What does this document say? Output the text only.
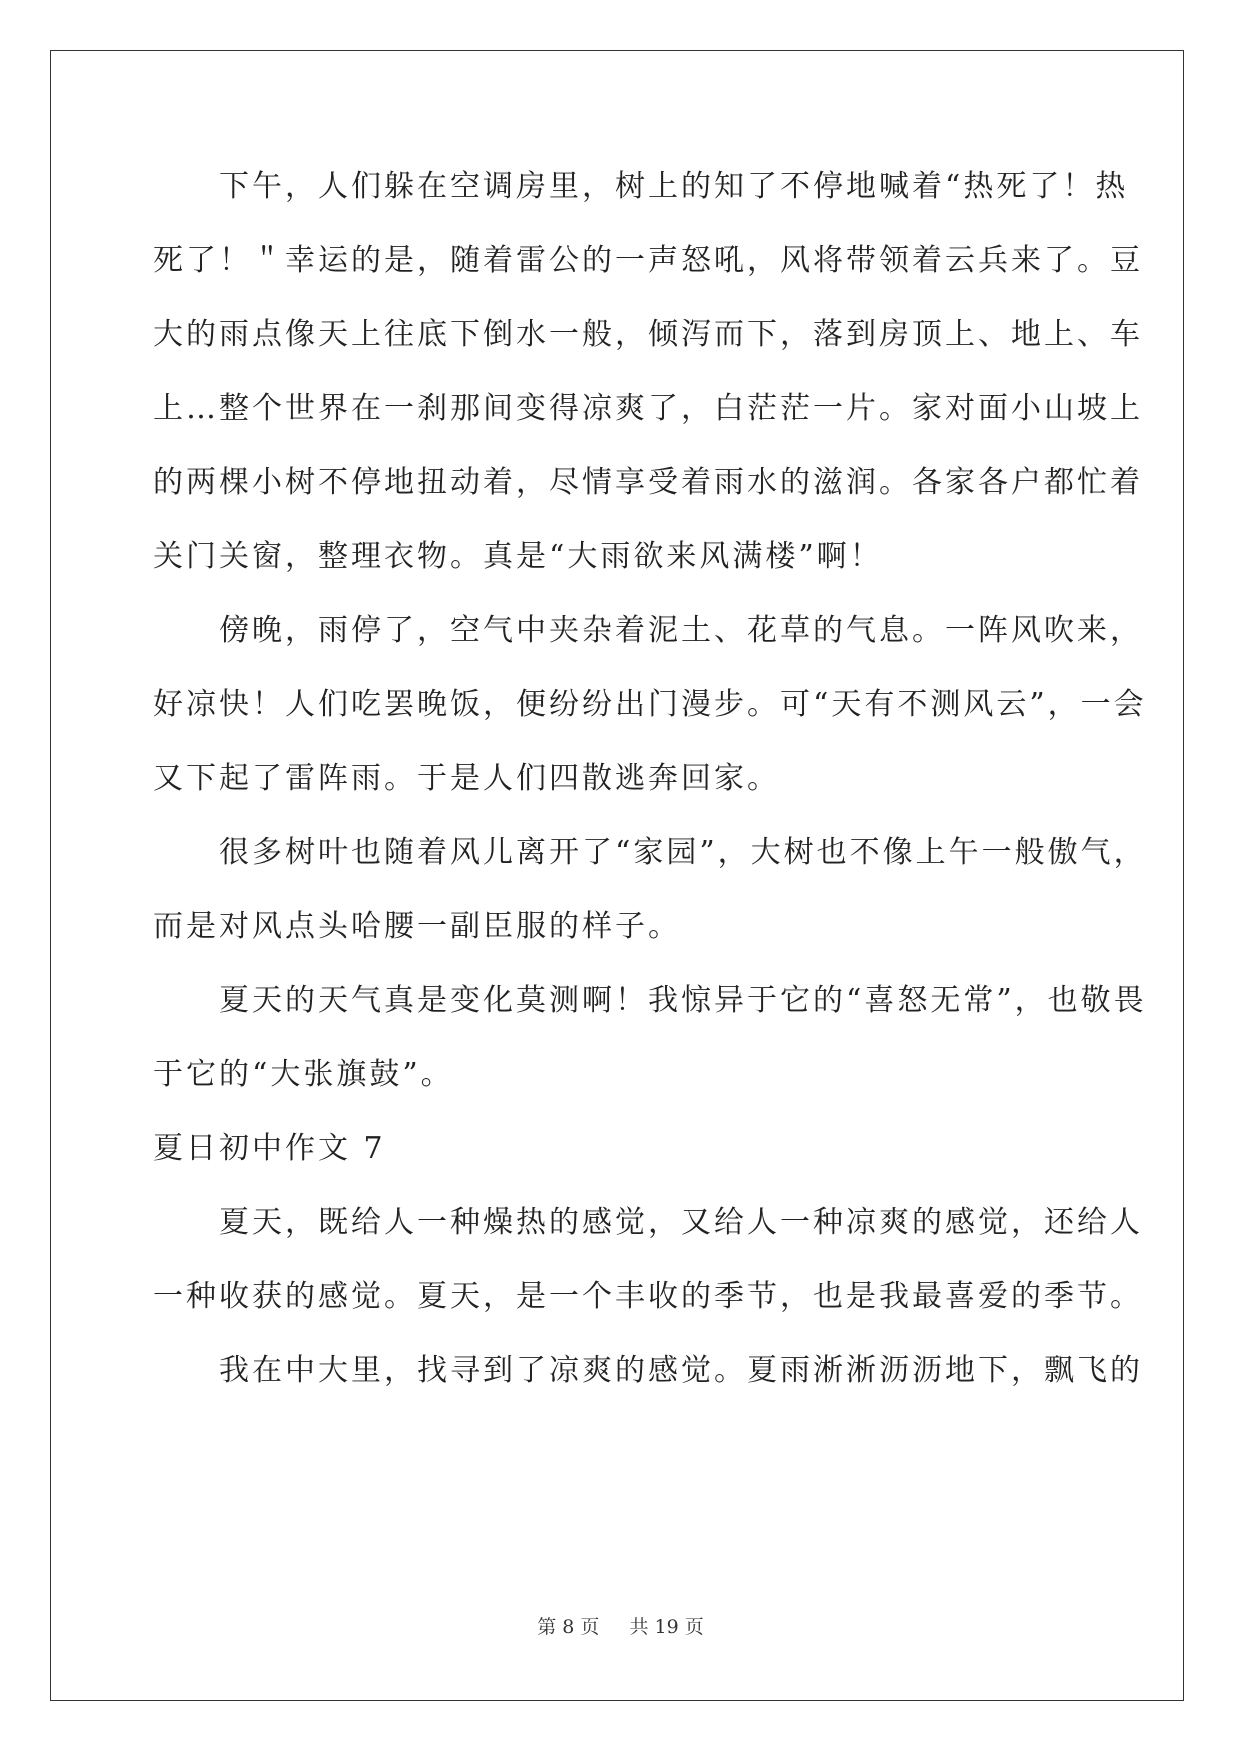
　　下午，人们躲在空调房里，树上的知了不停地喊着“热死了！热
死了！＂幸运的是，随着雷公的一声怒吼，风将带领着云兵来了。豆
大的雨点像天上往底下倒水一般，倾泻而下，落到房顶上、地上、车
上…整个世界在一刹那间变得凉爽了，白茫茫一片。家对面小山坡上
的两棵小树不停地扭动着，尽情享受着雨水的滋润。各家各户都忙着
关门关窗，整理衣物。真是“大雨欲来风满楼”啊！
　　傍晚，雨停了，空气中夹杂着泥土、花草的气息。一阵风吹来，
好凉快！人们吃罢晚饭，便纷纷出门漫步。可“天有不测风云”，一会
又下起了雷阵雨。于是人们四散逃奔回家。
　　很多树叶也随着风儿离开了“家园”，大树也不像上午一般傲气，
而是对风点头哈腰一副臣服的样子。
　　夏天的天气真是变化莫测啊！我惊异于它的“喜怒无常”，也敬畏
于它的“大张旗鼓”。
夏日初中作文 7
　　夏天，既给人一种燥热的感觉，又给人一种凉爽的感觉，还给人
一种收获的感觉。夏天，是一个丰收的季节，也是我最喜爱的季节。
　　我在中大里，找寻到了凉爽的感觉。夏雨淅淅沥沥地下，飘飞的
第 8 页 共 19 页
